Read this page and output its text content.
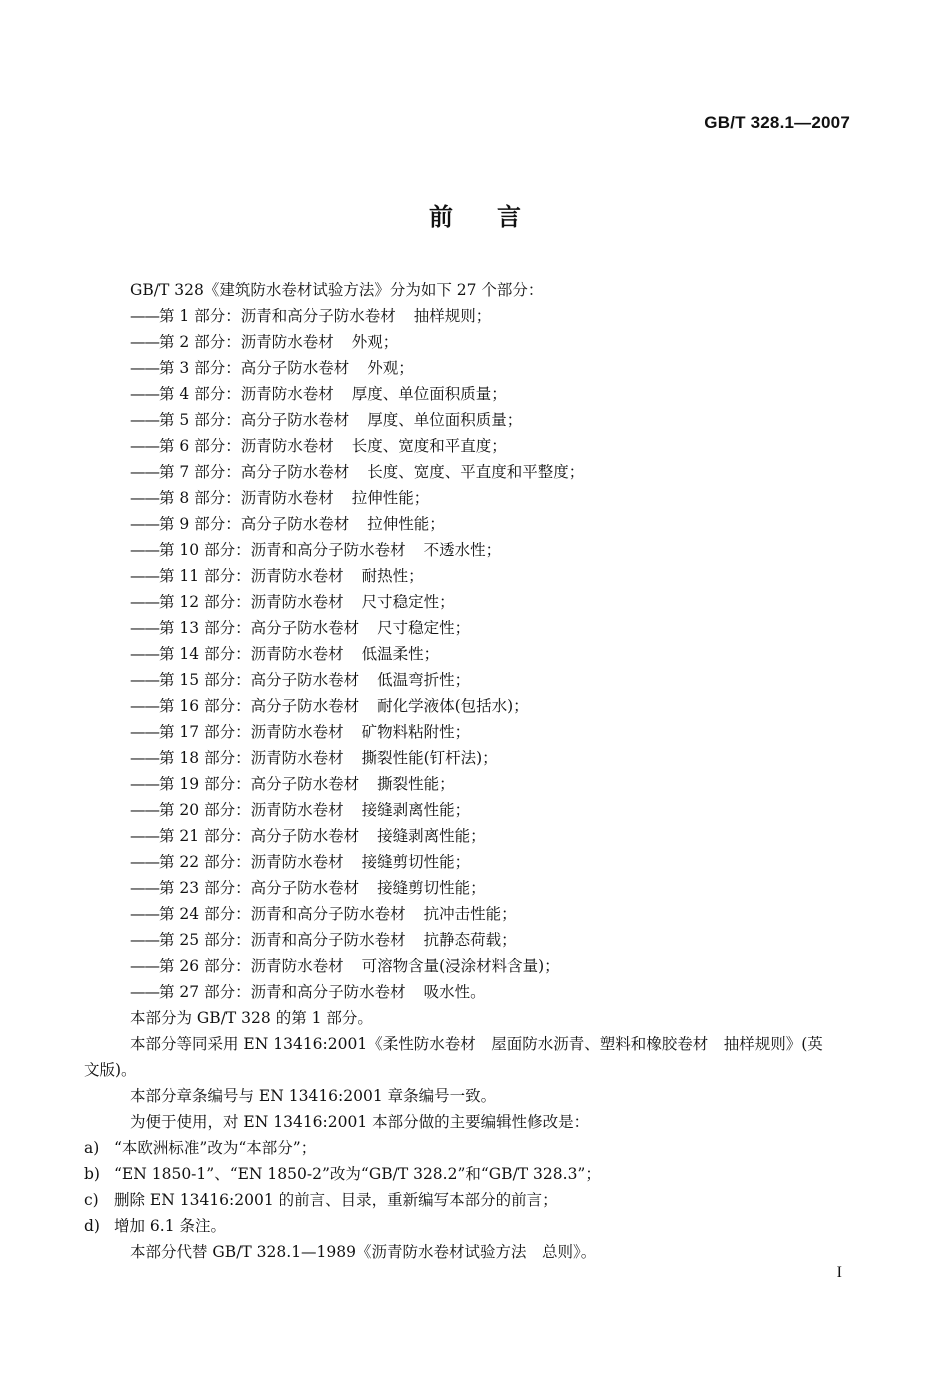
GB/T 328.1—2007
前言
GB/T 328《建筑防水卷材试验方法》分为如下 27 个部分：
——第 1 部分：沥青和高分子防水卷材 抽样规则；
——第 2 部分：沥青防水卷材 外观；
——第 3 部分：高分子防水卷材 外观；
——第 4 部分：沥青防水卷材 厚度、单位面积质量；
——第 5 部分：高分子防水卷材 厚度、单位面积质量；
——第 6 部分：沥青防水卷材 长度、宽度和平直度；
——第 7 部分：高分子防水卷材 长度、宽度、平直度和平整度；
——第 8 部分：沥青防水卷材 拉伸性能；
——第 9 部分：高分子防水卷材 拉伸性能；
——第 10 部分：沥青和高分子防水卷材 不透水性；
——第 11 部分：沥青防水卷材 耐热性；
——第 12 部分：沥青防水卷材 尺寸稳定性；
——第 13 部分：高分子防水卷材 尺寸稳定性；
——第 14 部分：沥青防水卷材 低温柔性；
——第 15 部分：高分子防水卷材 低温弯折性；
——第 16 部分：高分子防水卷材 耐化学液体(包括水)；
——第 17 部分：沥青防水卷材 矿物料粘附性；
——第 18 部分：沥青防水卷材 撕裂性能(钉杆法)；
——第 19 部分：高分子防水卷材 撕裂性能；
——第 20 部分：沥青防水卷材 接缝剥离性能；
——第 21 部分：高分子防水卷材 接缝剥离性能；
——第 22 部分：沥青防水卷材 接缝剪切性能；
——第 23 部分：高分子防水卷材 接缝剪切性能；
——第 24 部分：沥青和高分子防水卷材 抗冲击性能；
——第 25 部分：沥青和高分子防水卷材 抗静态荷载；
——第 26 部分：沥青防水卷材 可溶物含量(浸涂材料含量)；
——第 27 部分：沥青和高分子防水卷材 吸水性。
本部分为 GB/T 328 的第 1 部分。
本部分等同采用 EN 13416:2001《柔性防水卷材　屋面防水沥青、塑料和橡胶卷材　抽样规则》(英
文版)。
本部分章条编号与 EN 13416:2001 章条编号一致。
为便于使用，对 EN 13416:2001 本部分做的主要编辑性修改是：
a) “本欧洲标准”改为“本部分”；
b) “EN 1850-1”、“EN 1850-2”改为“GB/T 328.2”和“GB/T 328.3”；
c) 删除 EN 13416:2001 的前言、目录，重新编写本部分的前言；
d) 增加 6.1 条注。
本部分代替 GB/T 328.1—1989《沥青防水卷材试验方法　总则》。
I
